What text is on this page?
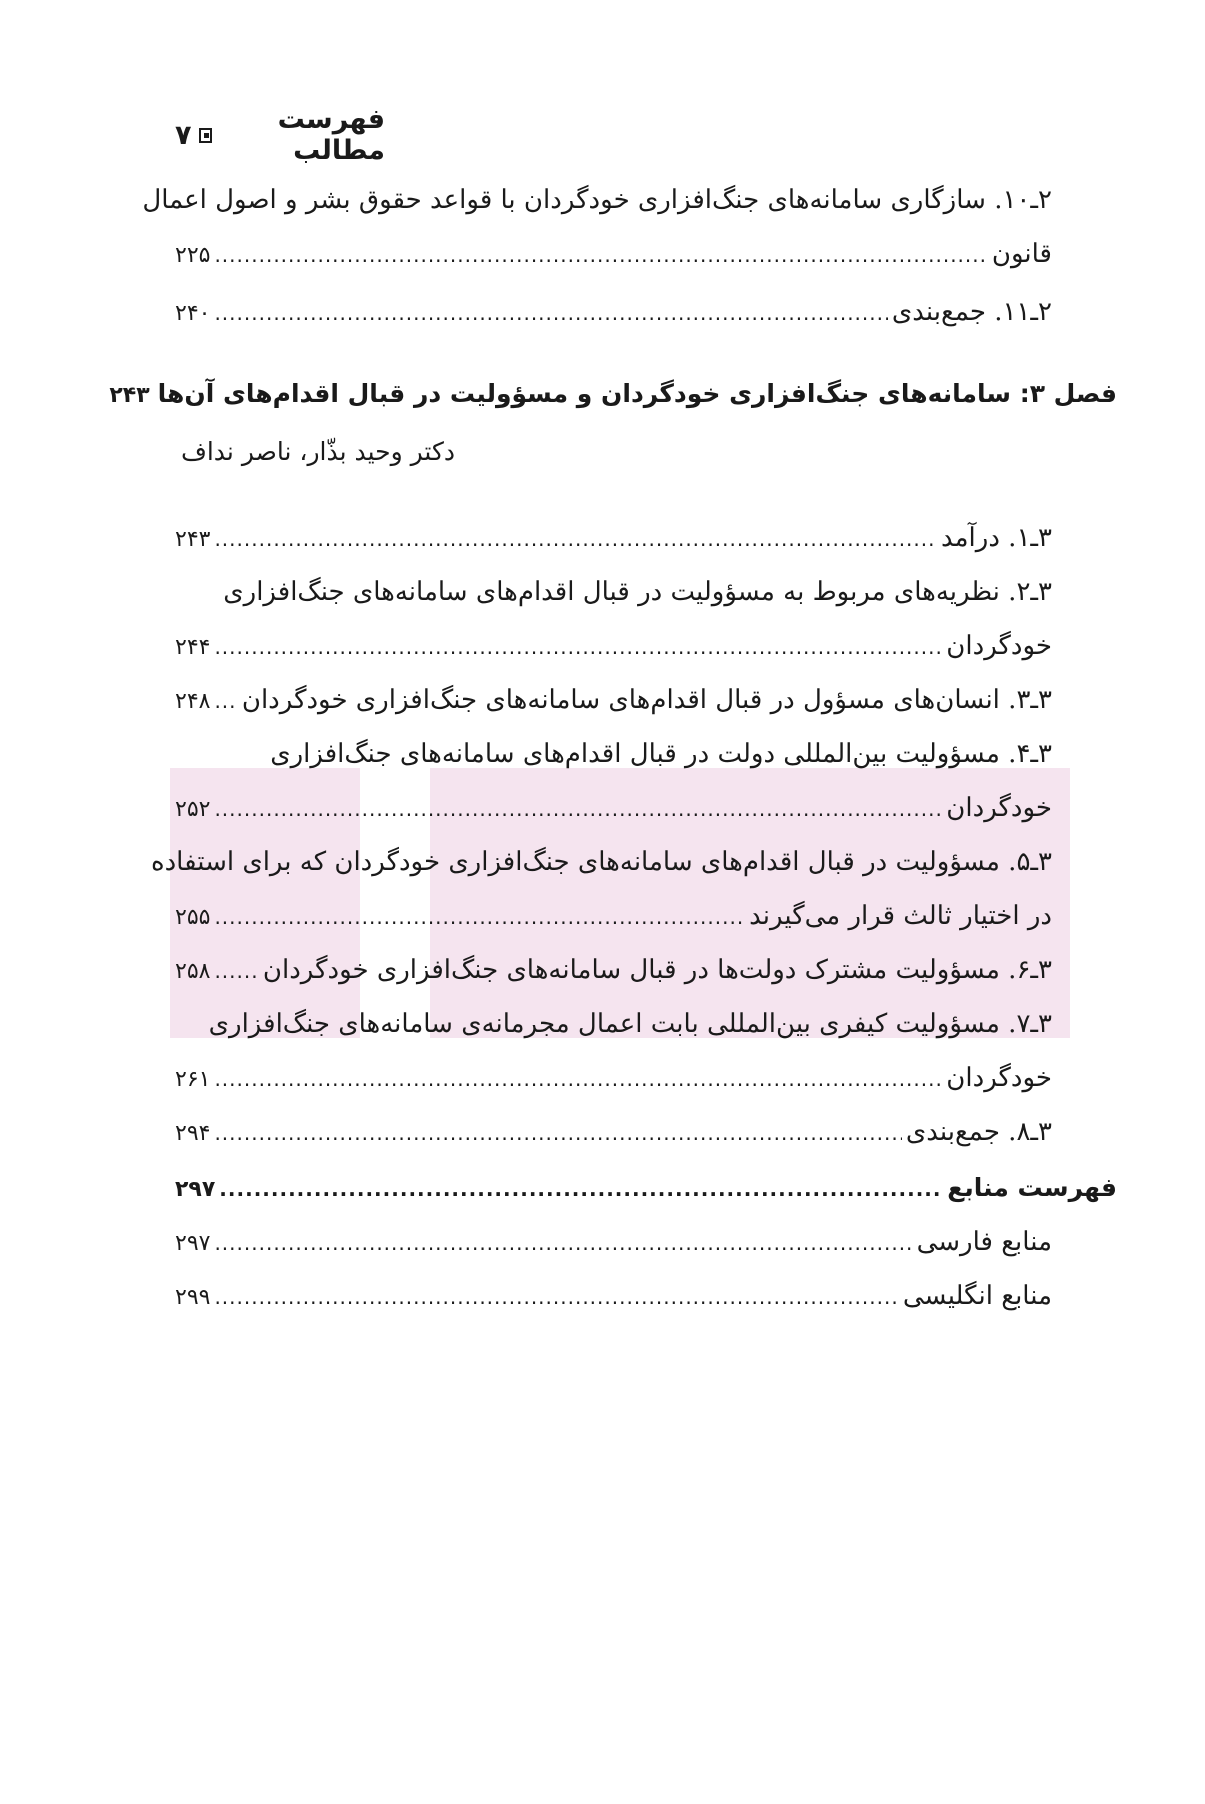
فهرست مطالب
۷
۲ـ۱۰. سازگاری سامانه‌های جنگ‌افزاری خودگردان با قواعد حقوق بشر و اصول اعمال
قانون
.....
۲۲۵
۲ـ۱۱. جمع‌بندی
.....
۲۴۰
فصل ۳: سامانه‌های جنگ‌افزاری خودگردان و مسؤولیت در قبال اقدام‌های آن‌ها
۲۴۳
دکتر وحید بذّار، ناصر نداف
۳ـ۱. درآمد
.....
۲۴۳
۳ـ۲. نظریه‌های مربوط به مسؤولیت در قبال اقدام‌های سامانه‌های جنگ‌افزاری
خودگردان
.....
۲۴۴
۳ـ۳. انسان‌های مسؤول در قبال اقدام‌های سامانه‌های جنگ‌افزاری خودگردان
.....
۲۴۸
۳ـ۴. مسؤولیت بین‌المللی دولت در قبال اقدام‌های سامانه‌های جنگ‌افزاری
خودگردان
.....
۲۵۲
۳ـ۵. مسؤولیت در قبال اقدام‌های سامانه‌های جنگ‌افزاری خودگردان که برای استفاده
در اختیار ثالث قرار می‌گیرند
.....
۲۵۵
۳ـ۶. مسؤولیت مشترک دولت‌ها در قبال سامانه‌های جنگ‌افزاری خودگردان
.....
۲۵۸
۳ـ۷. مسؤولیت کیفری بین‌المللی بابت اعمال مجرمانه‌ی سامانه‌های جنگ‌افزاری
خودگردان
.....
۲۶۱
۳ـ۸. جمع‌بندی
.....
۲۹۴
فهرست منابع
.....
۲۹۷
منابع فارسی
.....
۲۹۷
منابع انگلیسی
.....
۲۹۹
